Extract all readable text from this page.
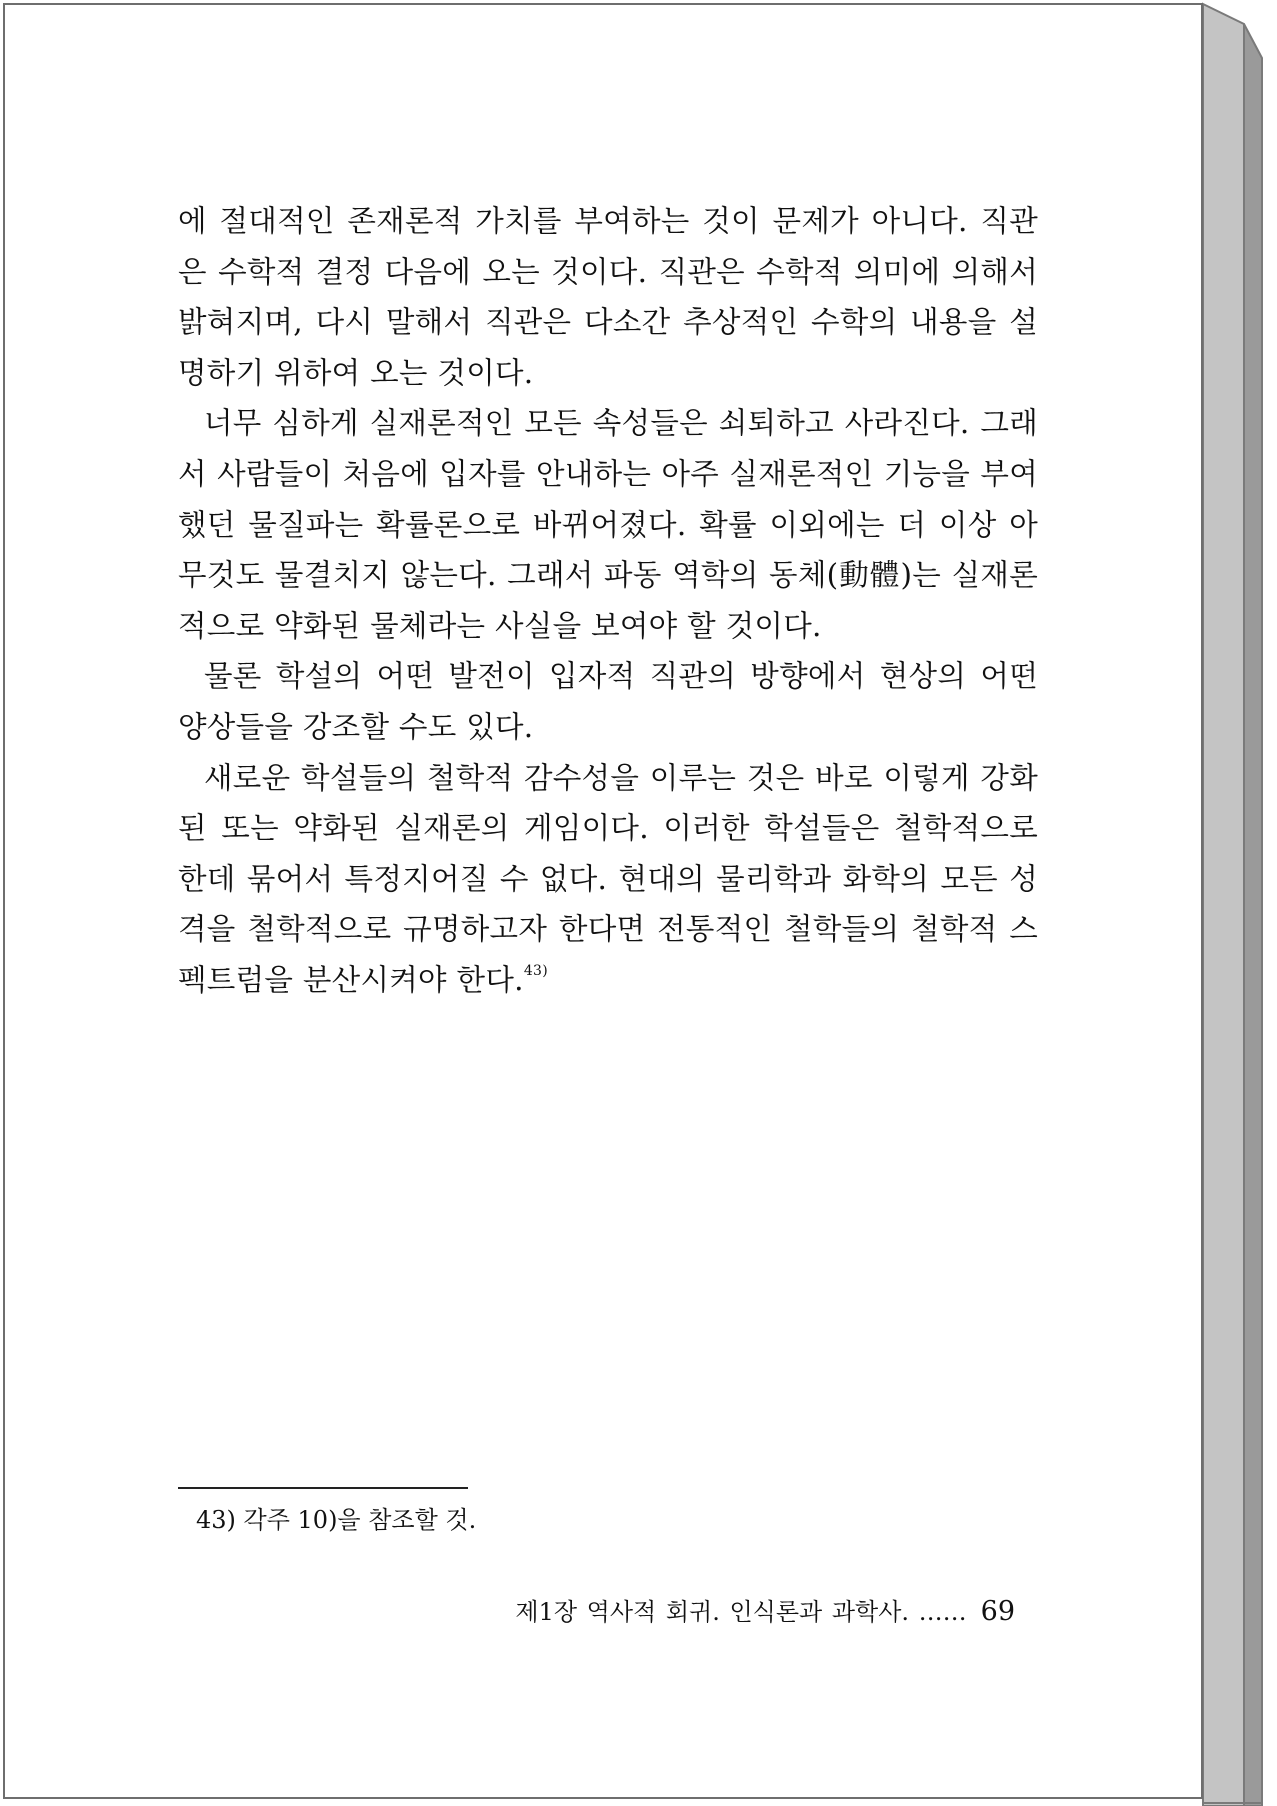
에 절대적인 존재론적 가치를 부여하는 것이 문제가 아니다. 직관은 수학적 결정 다음에 오는 것이다. 직관은 수학적 의미에 의해서 밝혀지며, 다시 말해서 직관은 다소간 추상적인 수학의 내용을 설명하기 위하여 오는 것이다.

너무 심하게 실재론적인 모든 속성들은 쇠퇴하고 사라진다. 그래서 사람들이 처음에 입자를 안내하는 아주 실재론적인 기능을 부여했던 물질파는 확률론으로 바뀌어졌다. 확률 이외에는 더 이상 아무것도 물결치지 않는다. 그래서 파동 역학의 동체(動體)는 실재론적으로 약화된 물체라는 사실을 보여야 할 것이다.

물론 학설의 어떤 발전이 입자적 직관의 방향에서 현상의 어떤 양상들을 강조할 수도 있다.

새로운 학설들의 철학적 감수성을 이루는 것은 바로 이렇게 강화된 또는 약화된 실재론의 게임이다. 이러한 학설들은 철학적으로 한데 묶어서 특정지어질 수 없다. 현대의 물리학과 화학의 모든 성격을 철학적으로 규명하고자 한다면 전통적인 철학들의 철학적 스펙트럼을 분산시켜야 한다.$^{43)}$

43) 각주 10)을 참조할 것.
제1장 역사적 회귀. 인식론과 과학사. …… 69
